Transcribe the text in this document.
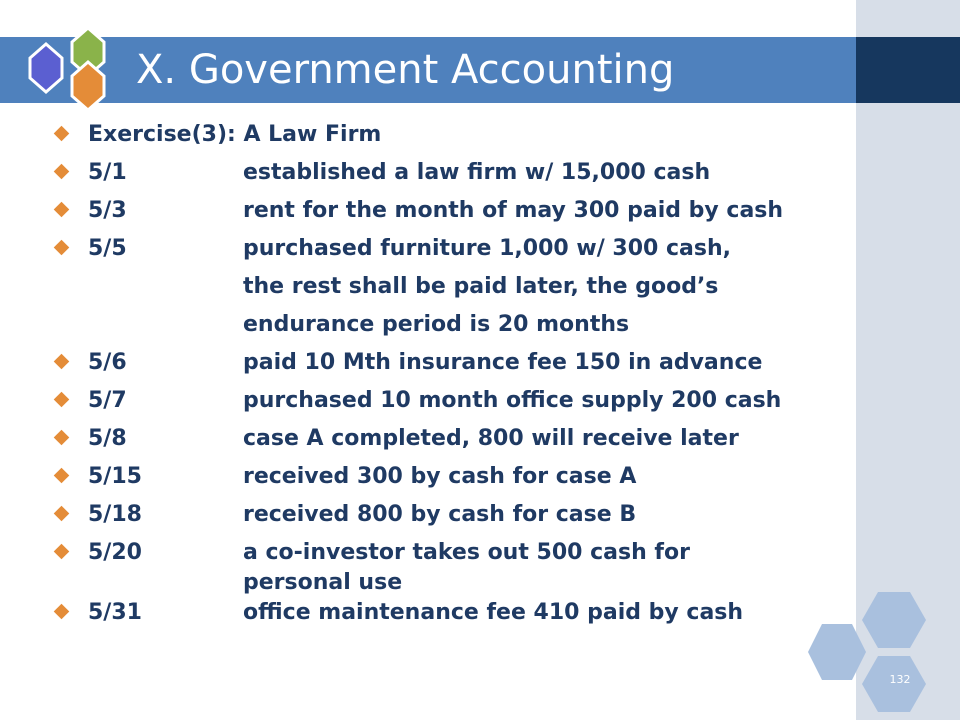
X. Government Accounting
Exercise(3): A Law Firm
5/1	established a law firm w/ 15,000 cash
5/3	rent for the month of may 300 paid by cash
5/5	purchased furniture 1,000 w/ 300 cash,
the rest shall be paid later, the good’s
endurance period is 20 months
5/6	paid 10 Mth insurance fee 150 in advance
5/7	purchased 10 month office supply 200 cash
5/8	case A completed, 800 will receive later
5/15	received 300 by cash for case A
5/18	received 800 by cash for case B
5/20	a co-investor takes out 500 cash for personal use
5/31	office maintenance fee 410 paid by cash
132
